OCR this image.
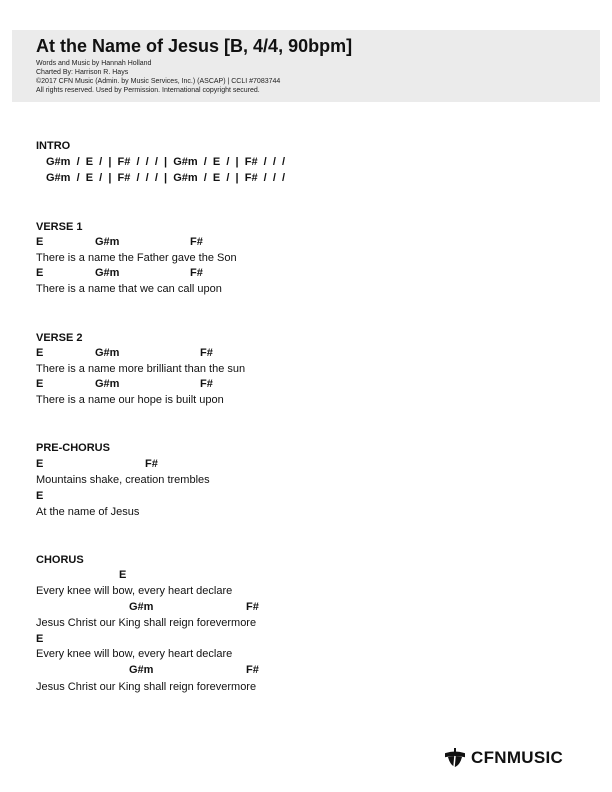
At the Name of Jesus [B, 4/4, 90bpm]
Words and Music by Hannah Holland
Charted By: Harrison R. Hays
©2017 CFN Music (Admin. by Music Services, Inc.) (ASCAP) | CCLI #7083744
All rights reserved. Used by Permission. International copyright secured.
INTRO
G#m  /  E  /  |  F#  /  /  /  |  G#m  /  E  /  |  F#  /  /  /
G#m  /  E  /  |  F#  /  /  /  |  G#m  /  E  /  |  F#  /  /  /
VERSE 1
E	G#m	F#
There is a name the Father gave the Son
E	G#m	F#
There is a name that we can call upon
VERSE 2
E	G#m	F#
There is a name more brilliant than the sun
E	G#m	F#
There is a name our hope is built upon
PRE-CHORUS
E	F#
Mountains shake, creation trembles
E
At the name of Jesus
CHORUS
E
Every knee will bow, every heart declare
G#m	F#
Jesus Christ our King shall reign forevermore
E
Every knee will bow, every heart declare
G#m	F#
Jesus Christ our King shall reign forevermore
CFNMUSIC
